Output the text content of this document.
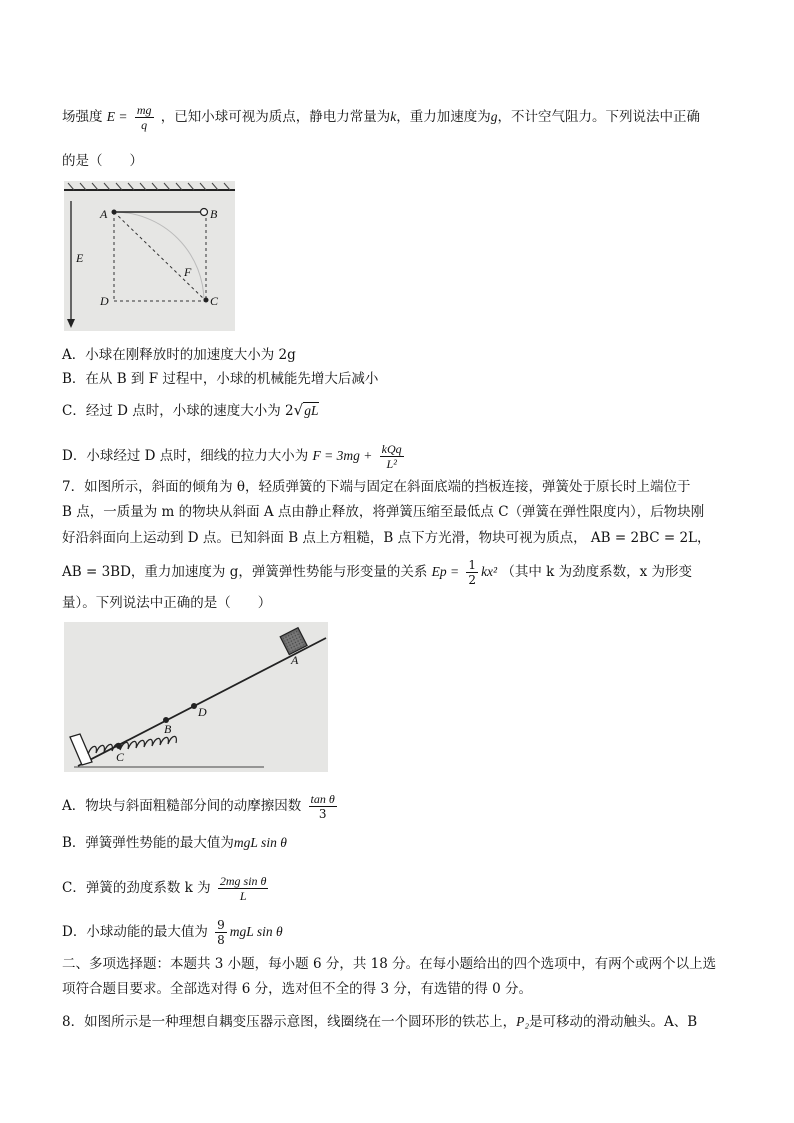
场强度 $E = \frac{mg}{q}$ ，已知小球可视为质点，静电力常量为k，重力加速度为g，不计空气阻力。下列说法中正确
的是（　　）
E
A	B
F
D	C
A．小球在刚释放时的加速度大小为 2g
B．在从 B 到 F 过程中，小球的机械能先增大后减小
C．经过 D 点时，小球的速度大小为 2√gL
D．小球经过 D 点时，细线的拉力大小为 $F = 3mg + \frac{\text{kQq}}{\text{L²}}$
7．如图所示，斜面的倾角为 θ，轻质弹簧的下端与固定在斜面底端的挡板连接，弹簧处于原长时上端位于
B 点，一质量为 m 的物块从斜面 A 点由静止释放，将弹簧压缩至最低点 C（弹簧在弹性限度内），后物块刚
好沿斜面向上运动到 D 点。已知斜面 B 点上方粗糙，B 点下方光滑，物块可视为质点， AB = 2BC = 2L，
AB = 3BD，重力加速度为 g，弹簧弹性势能与形变量的关系 $Ep = \frac{1}{2} kx^2$ （其中 k 为劲度系数，x 为形变
量）。下列说法中正确的是（　　）
A
D
B
C
A．物块与斜面粗糙部分间的动摩擦因数 $\frac{\text{tan θ}}{3}$
B．弹簧弹性势能的最大值为mgL sin θ
C．弹簧的劲度系数 k 为 $\frac{\text{2mg sin θ}}{L}$
D．小球动能的最大值为 $\frac{9}{8}$ mgL sin θ
二、多项选择题：本题共 3 小题，每小题 6 分，共 18 分。在每小题给出的四个选项中，有两个或两个以上选
项符合题目要求。全部选对得 6 分，选对但不全的得 3 分，有选错的得 0 分。
8．如图所示是一种理想自耦变压器示意图，线圈绕在一个圆环形的铁芯上，P₂是可移动的滑动触头。A、B
